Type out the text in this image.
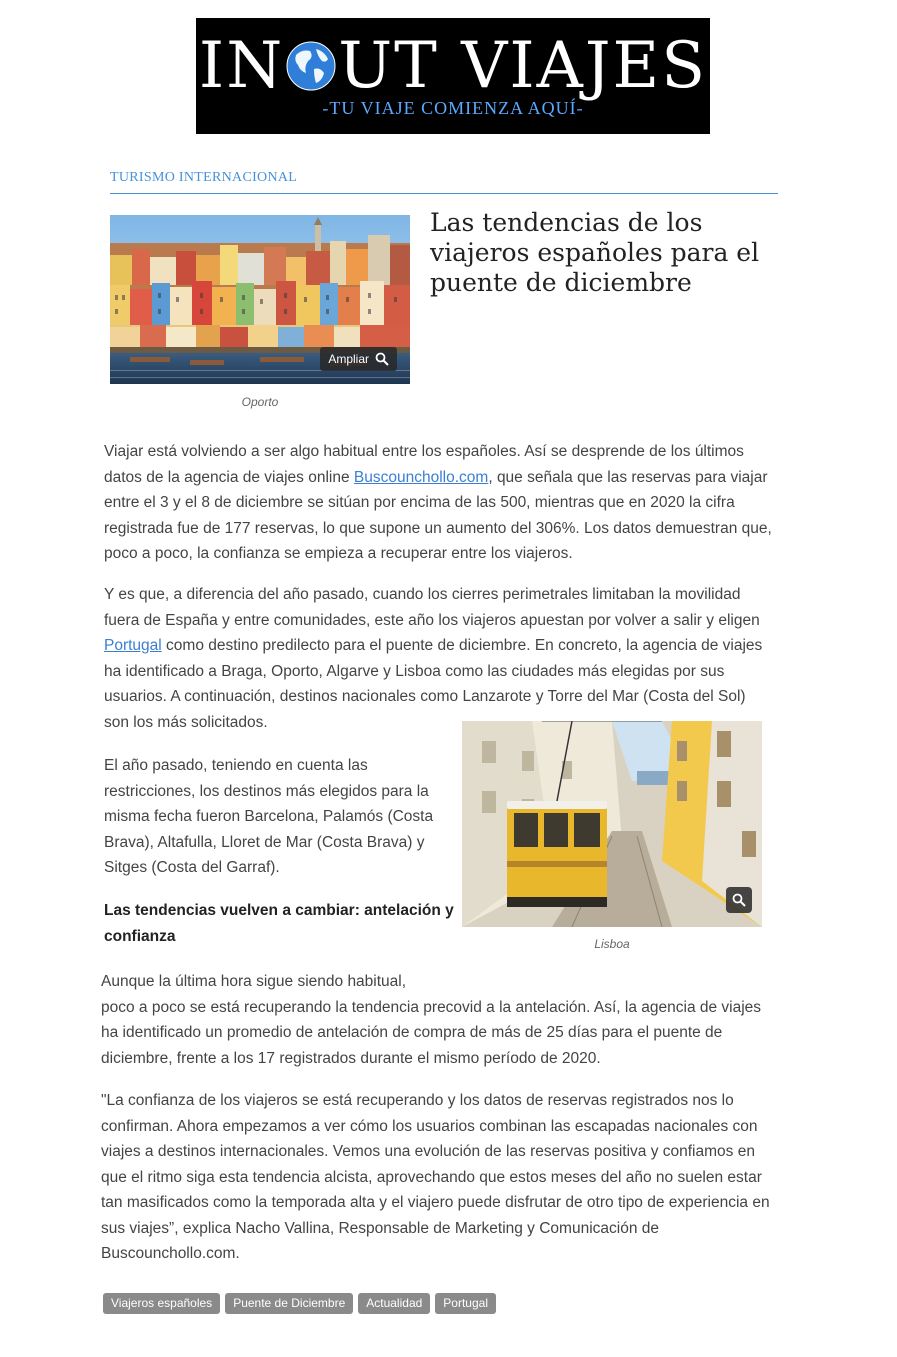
IN UT VIAJES
-TU VIAJE COMIENZA AQUÍ-
TURISMO INTERNACIONAL
Ampliar
Oporto
Las tendencias de los viajeros españoles para el puente de diciembre

Viajar está volviendo a ser algo habitual entre los españoles. Así se desprende de los últimos datos de la agencia de viajes online Buscounchollo.com, que señala que las reservas para viajar entre el 3 y el 8 de diciembre se sitúan por encima de las 500, mientras que en 2020 la cifra registrada fue de 177 reservas, lo que supone un aumento del 306%. Los datos demuestran que, poco a poco, la confianza se empieza a recuperar entre los viajeros.

Y es que, a diferencia del año pasado, cuando los cierres perimetrales limitaban la movilidad fuera de España y entre comunidades, este año los viajeros apuestan por volver a salir y eligen Portugal como destino predilecto para el puente de diciembre. En concreto, la agencia de viajes ha identificado a Braga, Oporto, Algarve y Lisboa como las ciudades más elegidas por sus usuarios. A continuación, destinos nacionales como Lanzarote y Torre del Mar (Costa del Sol) son los más solicitados.

El año pasado, teniendo en cuenta las restricciones, los destinos más elegidos para la misma fecha fueron Barcelona, Palamós (Costa Brava), Altafulla, Lloret de Mar (Costa Brava) y Sitges (Costa del Garraf).

Las tendencias vuelven a cambiar: antelación y confianza	Lisboa

Aunque la última hora sigue siendo habitual,
poco a poco se está recuperando la tendencia precovid a la antelación. Así, la agencia de viajes ha identificado un promedio de antelación de compra de más de 25 días para el puente de diciembre, frente a los 17 registrados durante el mismo período de 2020.

"La confianza de los viajeros se está recuperando y los datos de reservas registrados nos lo confirman. Ahora empezamos a ver cómo los usuarios combinan las escapadas nacionales con viajes a destinos internacionales. Vemos una evolución de las reservas positiva y confiamos en que el ritmo siga esta tendencia alcista, aprovechando que estos meses del año no suelen estar tan masificados como la temporada alta y el viajero puede disfrutar de otro tipo de experiencia en sus viajes”, explica Nacho Vallina, Responsable de Marketing y Comunicación de Buscounchollo.com.

Viajeros españoles	Puente de Diciembre	Actualidad	Portugal
